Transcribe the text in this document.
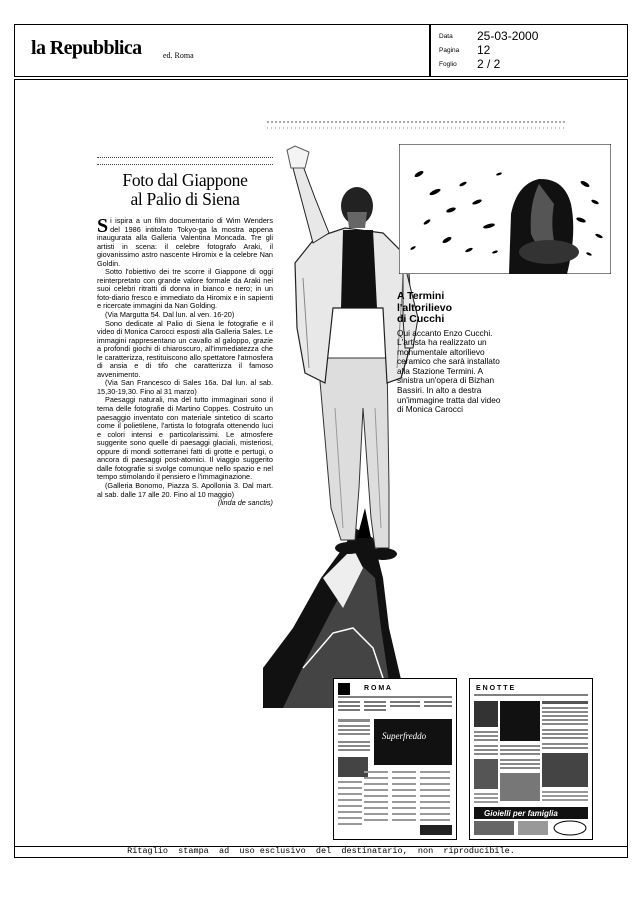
la Repubblica	ed. Roma
Data 25-03-2000
Pagina 12
Foglio 2 / 2
Foto dal Giappone
al Palio di Siena

Si ispira a un film documentario di Wim Wenders del 1986 intitolato Tokyo-ga la mostra appena inaugurata alla Galleria Valentina Moncada. Tre gli artisti in scena: il celebre fotografo Araki, il giovanissimo astro nascente Hiromix e la celebre Nan Goldin.

Sotto l'obiettivo dei tre scorre il Giappone di oggi reinterpretato con grande valore formale da Araki nei suoi celebri ritratti di donna in bianco e nero; in un foto-diario fresco e immediato da Hiromix e in sapienti e ricercate immagini da Nan Golding.

(Via Margutta 54. Dal lun. al ven. 16-20)

Sono dedicate al Palio di Siena le fotografie e il video di Monica Carocci esposti alla Galleria Sales. Le immagini rappresentano un cavallo al galoppo, grazie a profondi giochi di chiaroscuro, all'immediatezza che le caratterizza, restituiscono allo spettatore l'atmosfera di ansia e di tifo che caratterizza il famoso avvenimento.

(Via San Francesco di Sales 16a. Dal lun. al sab. 15,30-19,30. Fino al 31 marzo)

Paesaggi naturali, ma del tutto immaginari sono il tema delle fotografie di Martino Coppes. Costruito un paesaggio inventato con materiale sintetico di scarto come il polietilene, l'artista lo fotografa ottenendo luci e colori intensi e particolarissimi. Le atmosfere suggerite sono quelle di paesaggi glaciali, misteriosi, oppure di mondi sotterranei fatti di grotte e pertugi, o ancora di paesaggi post-atomici. Il viaggio suggerito dalle fotografie si svolge comunque nello spazio e nel tempo stimolando il pensiero e l'immaginazione.

(Galleria Bonomo, Piazza S. Apollonia 3. Dal mart. al sab. dalle 17 alle 20. Fino al 10 maggio)

(linda de sanctis)
A Termini
l'altorilievo
di Cucchi
Qui accanto Enzo Cucchi. L'artista ha realizzato un monumentale altorilievo ceramico che sarà installato alla Stazione Termini. A sinistra un'opera di Bizhan Bassiri. In alto a destra un'immagine tratta dal video di Monica Carocci
R O M A
Superfreddo
E N O T T E
Gioielli per famiglia
Ritaglio  stampa  ad  uso esclusivo  del  destinatario,  non  riproducibile.
